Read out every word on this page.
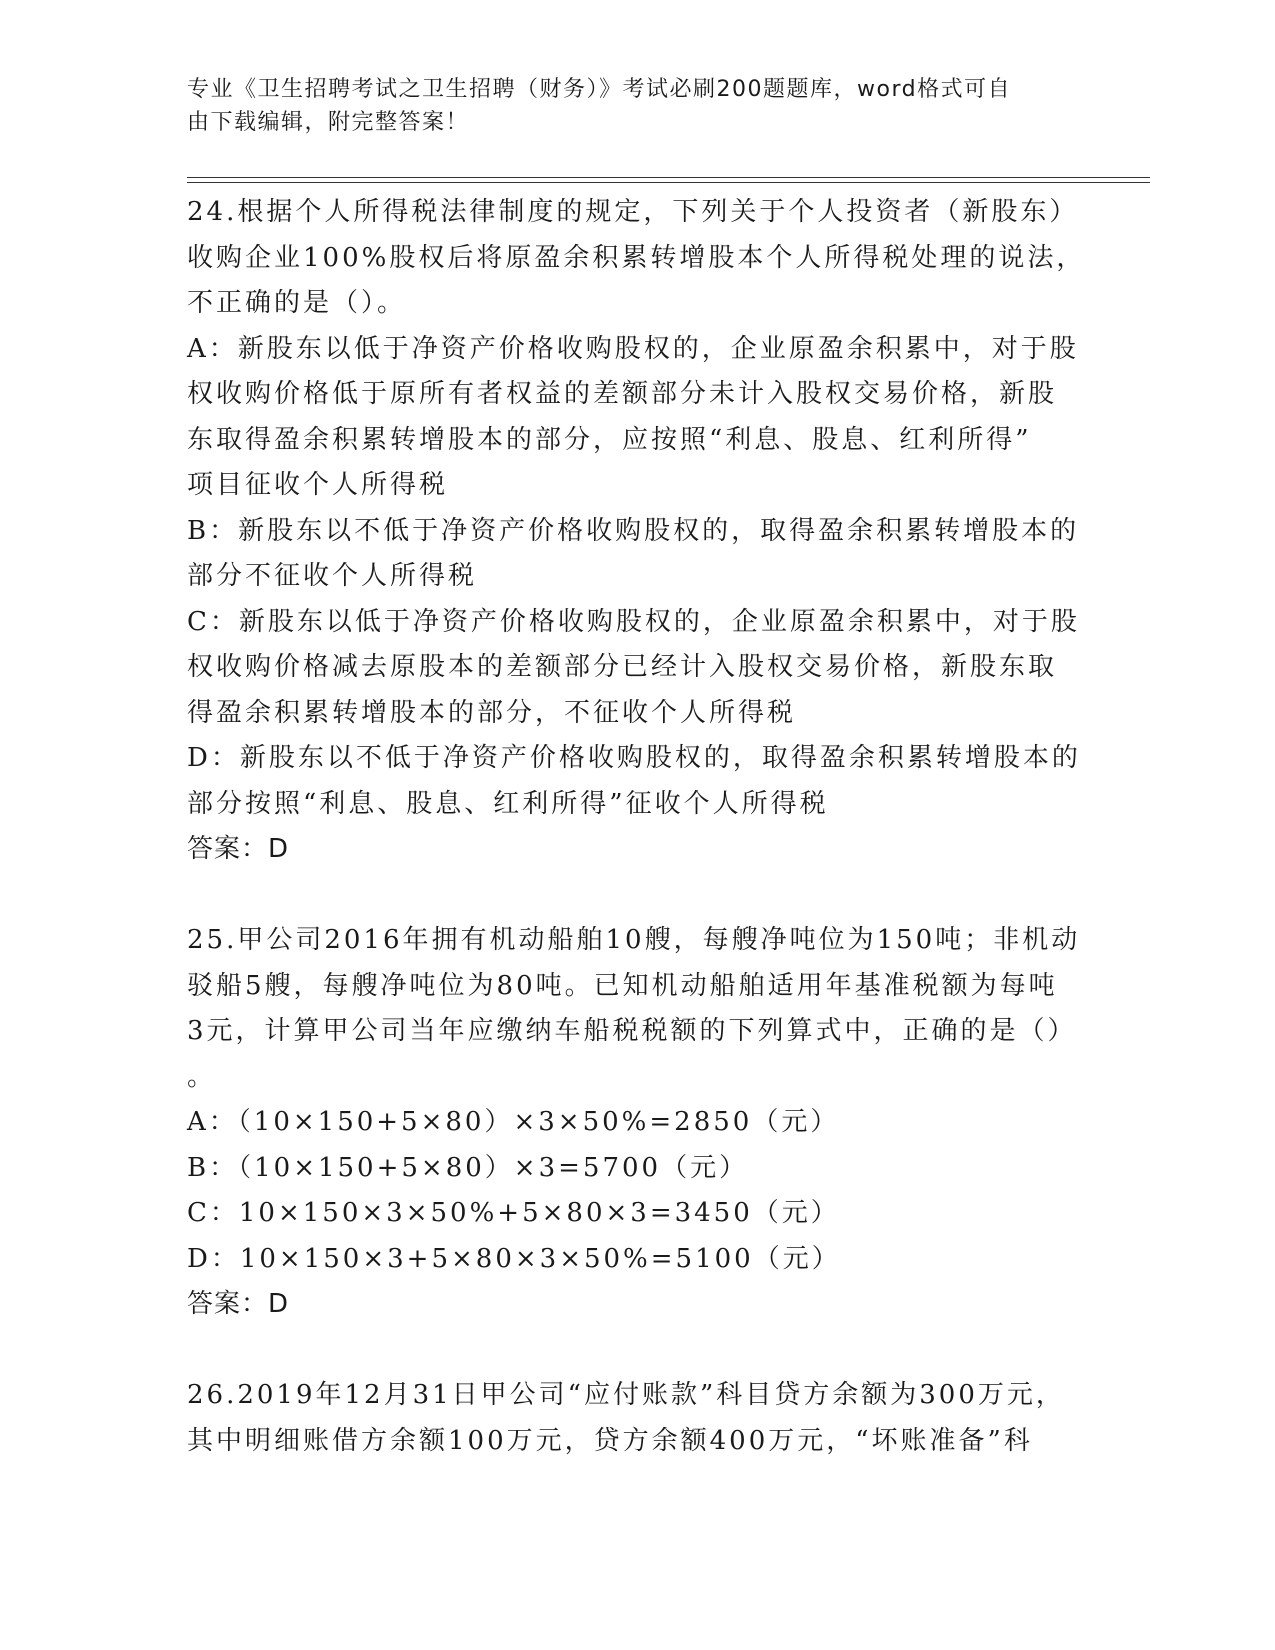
专业《卫生招聘考试之卫生招聘（财务）》考试必刷200题题库，word格式可自
由下载编辑，附完整答案！
24.根据个人所得税法律制度的规定，下列关于个人投资者（新股东）
收购企业100%股权后将原盈余积累转增股本个人所得税处理的说法，
不正确的是（）。
A：新股东以低于净资产价格收购股权的，企业原盈余积累中，对于股
权收购价格低于原所有者权益的差额部分未计入股权交易价格，新股
东取得盈余积累转增股本的部分，应按照“利息、股息、红利所得”
项目征收个人所得税
B：新股东以不低于净资产价格收购股权的，取得盈余积累转增股本的
部分不征收个人所得税
C：新股东以低于净资产价格收购股权的，企业原盈余积累中，对于股
权收购价格减去原股本的差额部分已经计入股权交易价格，新股东取
得盈余积累转增股本的部分，不征收个人所得税
D：新股东以不低于净资产价格收购股权的，取得盈余积累转增股本的
部分按照“利息、股息、红利所得”征收个人所得税
答案：D
25.甲公司2016年拥有机动船舶10艘，每艘净吨位为150吨；非机动
驳船5艘，每艘净吨位为80吨。已知机动船舶适用年基准税额为每吨
3元，计算甲公司当年应缴纳车船税税额的下列算式中，正确的是（）
。
A：（10×150+5×80）×3×50%=2850（元）
B：（10×150+5×80）×3=5700（元）
C：10×150×3×50%+5×80×3=3450（元）
D：10×150×3+5×80×3×50%=5100（元）
答案：D
26.2019年12月31日甲公司“应付账款”科目贷方余额为300万元，
其中明细账借方余额100万元，贷方余额400万元，“坏账准备”科
